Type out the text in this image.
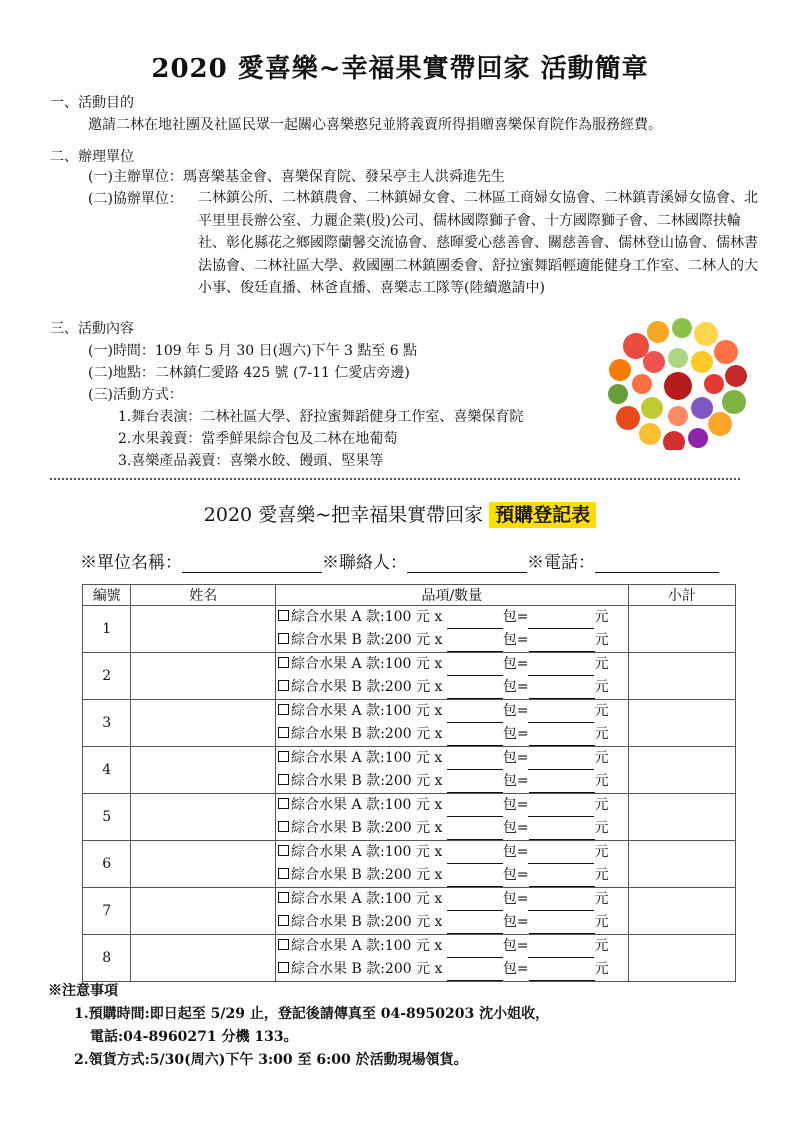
2020 愛喜樂~幸福果實帶回家 活動簡章
一、活動目的
邀請二林在地社團及社區民眾一起關心喜樂憨兒並將義賣所得捐贈喜樂保育院作為服務經費。
二、辦理單位
(一)主辦單位：瑪喜樂基金會、喜樂保育院、發呆亭主人洪舜進先生
(二)協辦單位： 二林鎮公所、二林鎮農會、二林鎮婦女會、二林區工商婦女協會、二林鎮青溪婦女協會、北平里里長辦公室、力麗企業(股)公司、儒林國際獅子會、十方國際獅子會、二林國際扶輪社、彰化縣花之鄉國際蘭馨交流協會、慈暉愛心慈善會、關慈善會、儒林登山協會、儒林書法協會、二林社區大學、救國團二林鎮團委會、舒拉蜜舞蹈輕適能健身工作室、二林人的大小事、俊廷直播、林爸直播、喜樂志工隊等(陸續邀請中)
三、活動內容
(一)時間：109 年 5 月 30 日(週六)下午 3 點至 6 點
(二)地點：二林鎮仁愛路 425 號 (7-11 仁愛店旁邊)
(三)活動方式：
1.舞台表演：二林社區大學、舒拉蜜舞蹈健身工作室、喜樂保育院
2.水果義賣：當季鮮果綜合包及二林在地葡萄
3.喜樂產品義賣：喜樂水餃、饅頭、堅果等
2020 愛喜樂~把幸福果實帶回家 預購登記表
※單位名稱：	※聯絡人：	※電話：
編號	姓名	品項/數量	小計
1		綜合水果 A 款:100 元 x 包= 元
綜合水果 B 款:200 元 x 包= 元	

2		綜合水果 A 款:100 元 x 包= 元
綜合水果 B 款:200 元 x 包= 元	

3		綜合水果 A 款:100 元 x 包= 元
綜合水果 B 款:200 元 x 包= 元	

4		綜合水果 A 款:100 元 x 包= 元
綜合水果 B 款:200 元 x 包= 元	

5		綜合水果 A 款:100 元 x 包= 元
綜合水果 B 款:200 元 x 包= 元	

6		綜合水果 A 款:100 元 x 包= 元
綜合水果 B 款:200 元 x 包= 元	

7		綜合水果 A 款:100 元 x 包= 元
綜合水果 B 款:200 元 x 包= 元	

8		綜合水果 A 款:100 元 x 包= 元
綜合水果 B 款:200 元 x 包= 元	

※注意事項
1.預購時間:即日起至 5/29 止，登記後請傳真至 04-8950203 沈小姐收，
電話:04-8960271 分機 133。
2.領貨方式:5/30(周六)下午 3:00 至 6:00 於活動現場領貨。
